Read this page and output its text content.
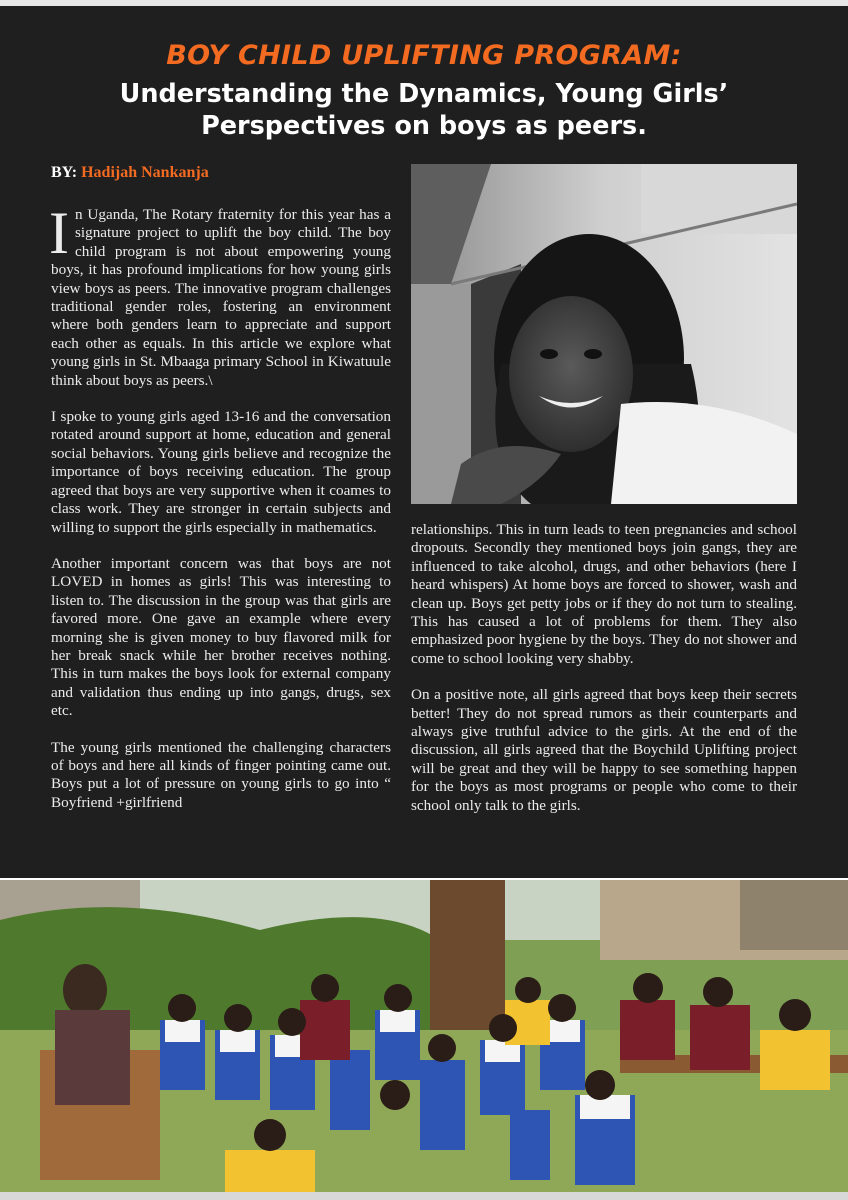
BOY CHILD UPLIFTING PROGRAM:
Understanding the Dynamics, Young Girls’
Perspectives on boys as peers.
BY: Hadijah Nankanja

In Uganda, The Rotary fraternity for this year has a signature project to uplift the boy child. The boy child program is not about empowering young boys, it has profound implications for how young girls view boys as peers. The innovative program challenges traditional gender roles, fostering an environment where both genders learn to appreciate and support each other as equals. In this article we explore what young girls in St. Mbaaga primary School in Kiwatuule think about boys as peers.\

I spoke to young girls aged 13-16 and the conversation rotated around support at home, education and general social behaviors. Young girls believe and recognize the importance of boys receiving education. The group agreed that boys are very supportive when it coames to class work. They are stronger in certain subjects and willing to support the girls especially in mathematics.

Another important concern was that boys are not LOVED in homes as girls! This was interesting to listen to. The discussion in the group was that girls are favored more. One gave an example where every morning she is given money to buy flavored milk for her break snack while her brother receives nothing. This in turn makes the boys look for external company and validation thus ending up into gangs, drugs, sex etc.

The young girls mentioned the challenging characters of boys and here all kinds of finger pointing came out. Boys put a lot of pressure on young girls to go into “ Boyfriend +girlfriend

relationships. This in turn leads to teen pregnancies and school dropouts. Secondly they mentioned boys join gangs, they are influenced to take alcohol, drugs, and other behaviors (here I heard whispers) At home boys are forced to shower, wash and clean up. Boys get petty jobs or if they do not turn to stealing. This has caused a lot of problems for them. They also emphasized poor hygiene by the boys. They do not shower and come to school looking very shabby.

On a positive note, all girls agreed that boys keep their secrets better! They do not spread rumors as their counterparts and always give truthful advice to the girls. At the end of the discussion, all girls agreed that the Boychild Uplifting project will be great and they will be happy to see something happen for the boys as most programs or people who come to their school only talk to the girls.
